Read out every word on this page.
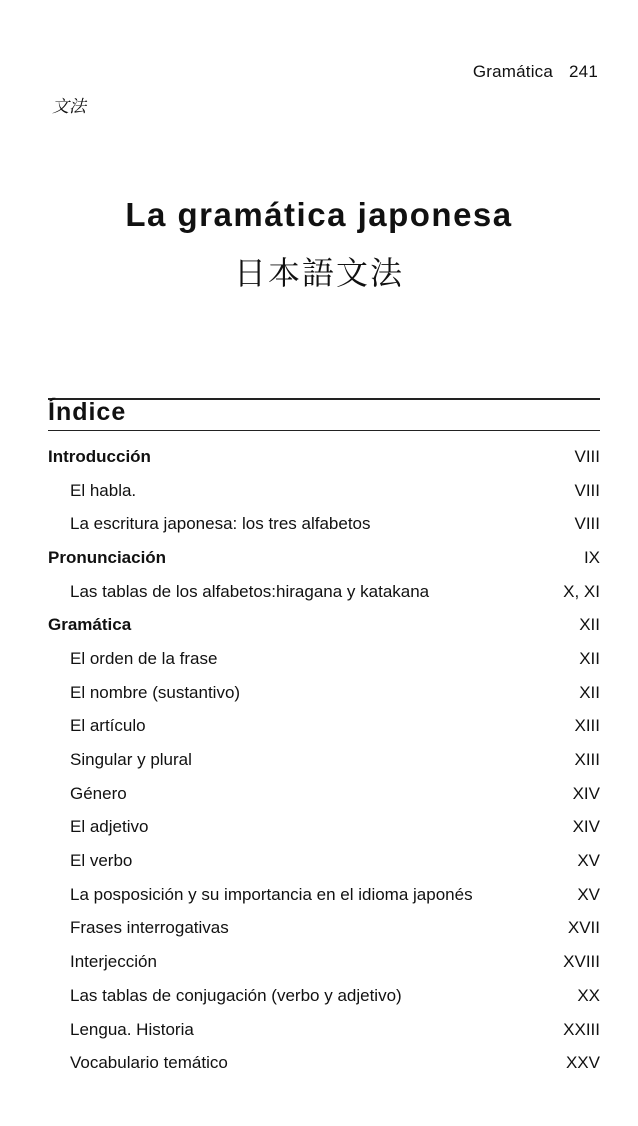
Gramática 241
文法
La gramática japonesa
日本語文法
Índice
Introducción	VIII
El habla.	VIII
La escritura japonesa: los tres alfabetos	VIII
Pronunciación	IX
Las tablas de los alfabetos:hiragana y katakana	X, XI
Gramática	XII
El orden de la frase	XII
El nombre (sustantivo)	XII
El artículo	XIII
Singular y plural	XIII
Género	XIV
El adjetivo	XIV
El verbo	XV
La posposición y su importancia en el idioma japonés	XV
Frases interrogativas	XVII
Interjección	XVIII
Las tablas de conjugación (verbo y adjetivo)	XX
Lengua. Historia	XXIII
Vocabulario temático	XXV
